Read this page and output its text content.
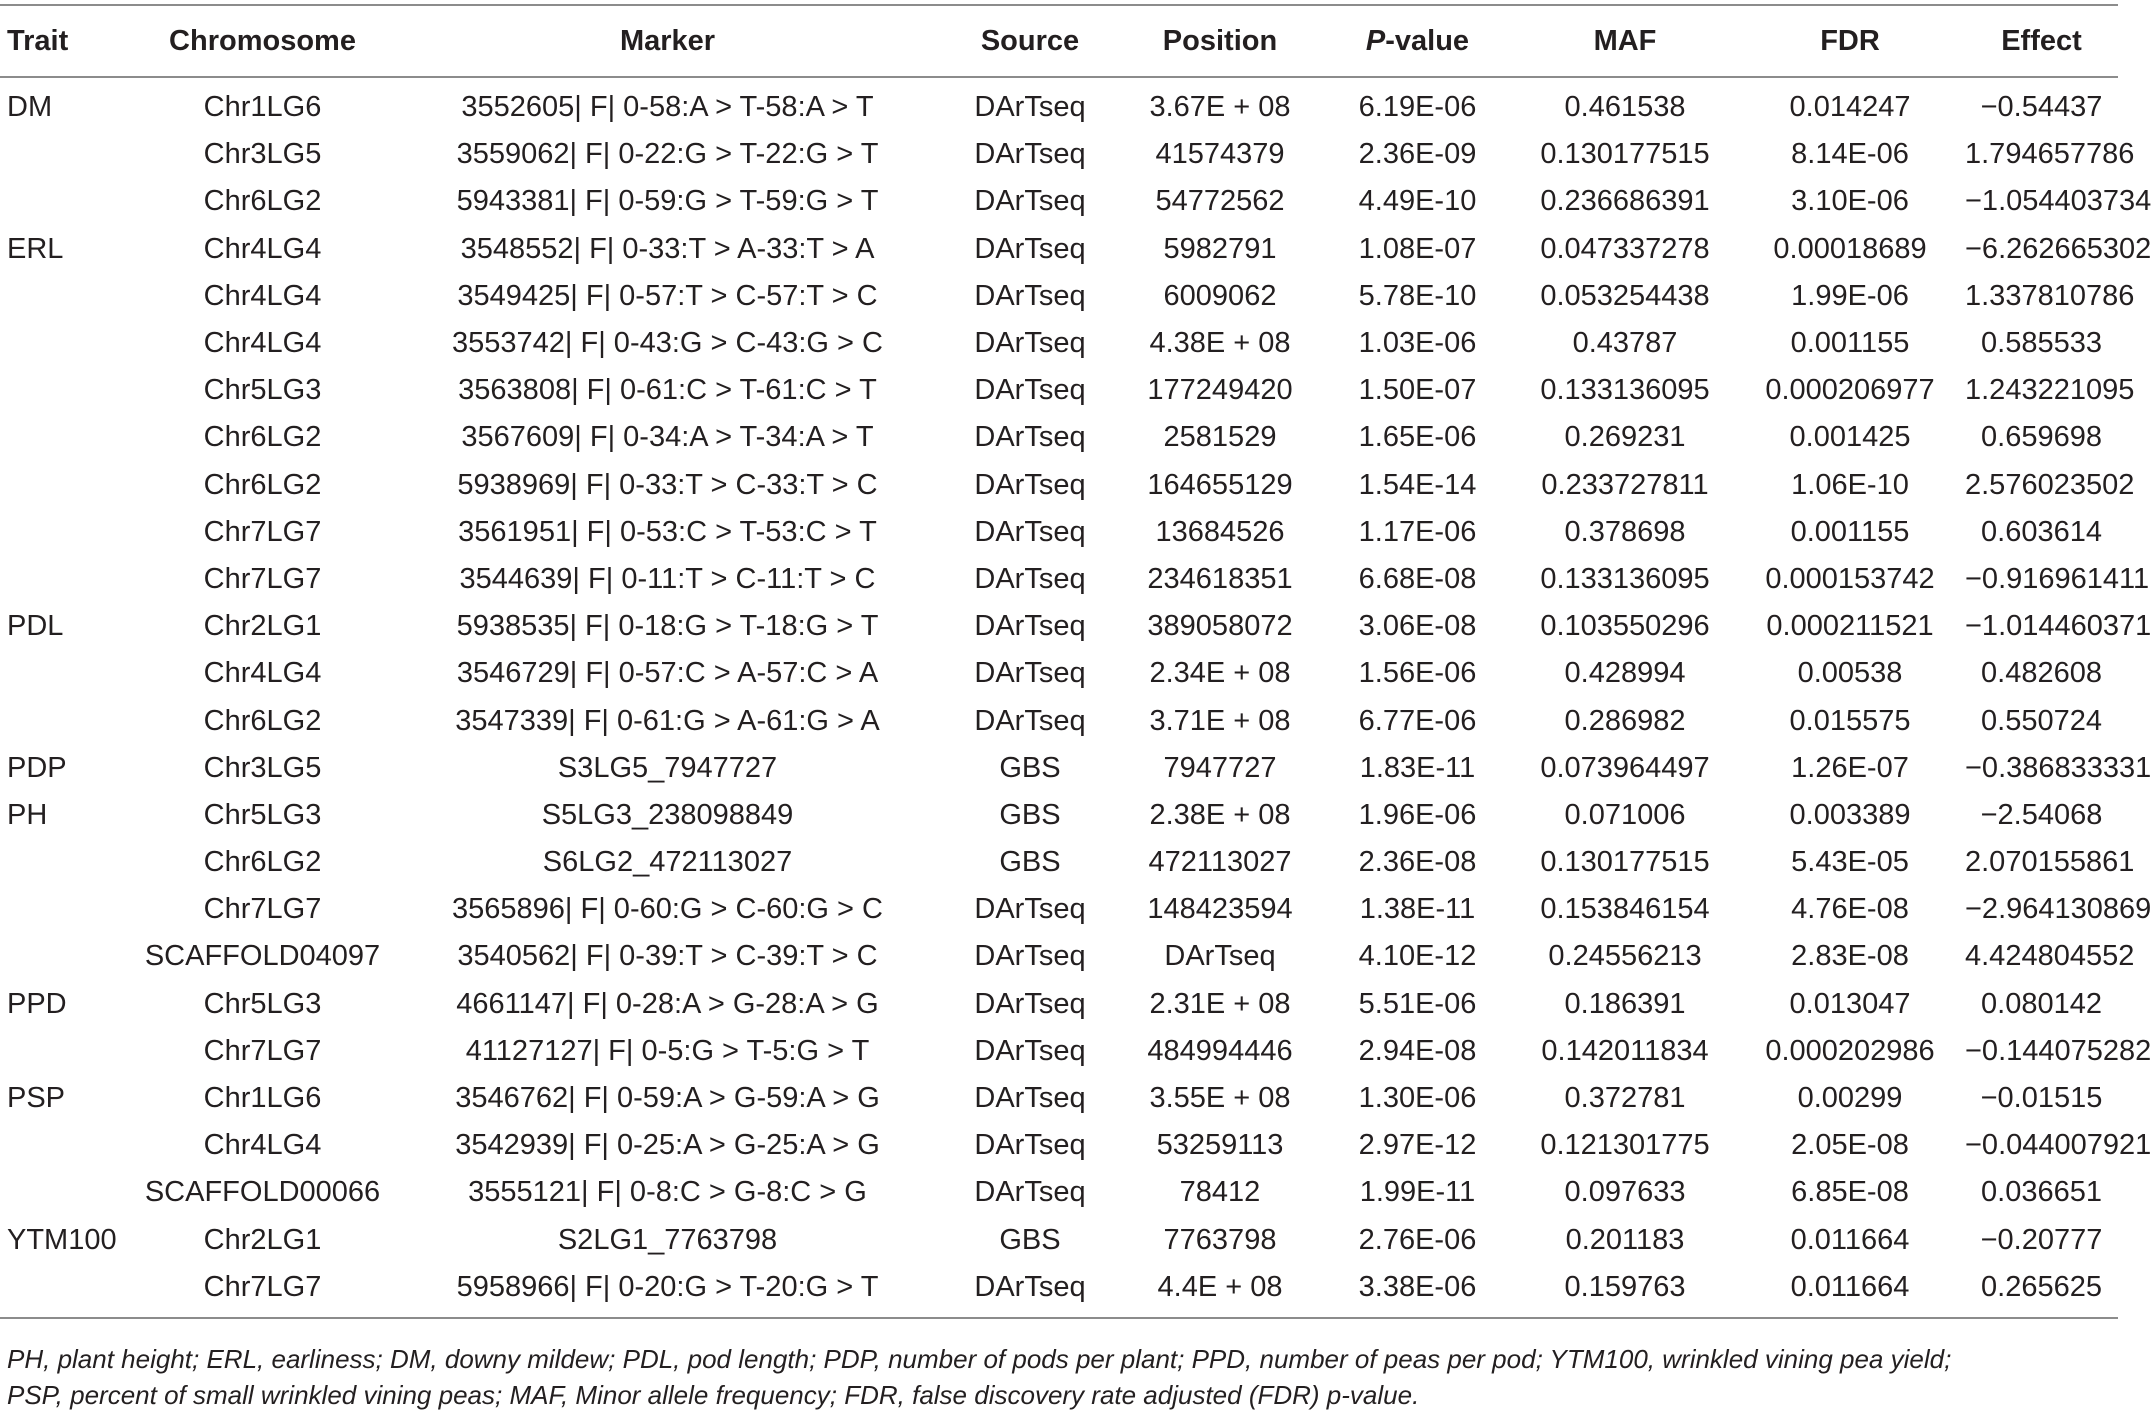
Trait	Chromosome	Marker	Source	Position	P-value	MAF	FDR	Effect
DM	Chr1LG6	3552605| F| 0-58:A > T-58:A > T	DArTseq	3.67E + 08	6.19E-06	0.461538	0.014247	−0.54437
	Chr3LG5	3559062| F| 0-22:G > T-22:G > T	DArTseq	41574379	2.36E-09	0.130177515	8.14E-06	1.794657786
	Chr6LG2	5943381| F| 0-59:G > T-59:G > T	DArTseq	54772562	4.49E-10	0.236686391	3.10E-06	−1.054403734
ERL	Chr4LG4	3548552| F| 0-33:T > A-33:T > A	DArTseq	5982791	1.08E-07	0.047337278	0.00018689	−6.262665302
	Chr4LG4	3549425| F| 0-57:T > C-57:T > C	DArTseq	6009062	5.78E-10	0.053254438	1.99E-06	1.337810786
	Chr4LG4	3553742| F| 0-43:G > C-43:G > C	DArTseq	4.38E + 08	1.03E-06	0.43787	0.001155	0.585533
	Chr5LG3	3563808| F| 0-61:C > T-61:C > T	DArTseq	177249420	1.50E-07	0.133136095	0.000206977	1.243221095
	Chr6LG2	3567609| F| 0-34:A > T-34:A > T	DArTseq	2581529	1.65E-06	0.269231	0.001425	0.659698
	Chr6LG2	5938969| F| 0-33:T > C-33:T > C	DArTseq	164655129	1.54E-14	0.233727811	1.06E-10	2.576023502
	Chr7LG7	3561951| F| 0-53:C > T-53:C > T	DArTseq	13684526	1.17E-06	0.378698	0.001155	0.603614
	Chr7LG7	3544639| F| 0-11:T > C-11:T > C	DArTseq	234618351	6.68E-08	0.133136095	0.000153742	−0.916961411
PDL	Chr2LG1	5938535| F| 0-18:G > T-18:G > T	DArTseq	389058072	3.06E-08	0.103550296	0.000211521	−1.014460371
	Chr4LG4	3546729| F| 0-57:C > A-57:C > A	DArTseq	2.34E + 08	1.56E-06	0.428994	0.00538	0.482608
	Chr6LG2	3547339| F| 0-61:G > A-61:G > A	DArTseq	3.71E + 08	6.77E-06	0.286982	0.015575	0.550724
PDP	Chr3LG5	S3LG5_7947727	GBS	7947727	1.83E-11	0.073964497	1.26E-07	−0.386833331
PH	Chr5LG3	S5LG3_238098849	GBS	2.38E + 08	1.96E-06	0.071006	0.003389	−2.54068
	Chr6LG2	S6LG2_472113027	GBS	472113027	2.36E-08	0.130177515	5.43E-05	2.070155861
	Chr7LG7	3565896| F| 0-60:G > C-60:G > C	DArTseq	148423594	1.38E-11	0.153846154	4.76E-08	−2.964130869
	SCAFFOLD04097	3540562| F| 0-39:T > C-39:T > C	DArTseq	DArTseq	4.10E-12	0.24556213	2.83E-08	4.424804552
PPD	Chr5LG3	4661147| F| 0-28:A > G-28:A > G	DArTseq	2.31E + 08	5.51E-06	0.186391	0.013047	0.080142
	Chr7LG7	41127127| F| 0-5:G > T-5:G > T	DArTseq	484994446	2.94E-08	0.142011834	0.000202986	−0.144075282
PSP	Chr1LG6	3546762| F| 0-59:A > G-59:A > G	DArTseq	3.55E + 08	1.30E-06	0.372781	0.00299	−0.01515
	Chr4LG4	3542939| F| 0-25:A > G-25:A > G	DArTseq	53259113	2.97E-12	0.121301775	2.05E-08	−0.044007921
	SCAFFOLD00066	3555121| F| 0-8:C > G-8:C > G	DArTseq	78412	1.99E-11	0.097633	6.85E-08	0.036651
YTM100	Chr2LG1	S2LG1_7763798	GBS	7763798	2.76E-06	0.201183	0.011664	−0.20777
	Chr7LG7	5958966| F| 0-20:G > T-20:G > T	DArTseq	4.4E + 08	3.38E-06	0.159763	0.011664	0.265625
PH, plant height; ERL, earliness; DM, downy mildew; PDL, pod length; PDP, number of pods per plant; PPD, number of peas per pod; YTM100, wrinkled vining pea yield;
PSP, percent of small wrinkled vining peas; MAF, Minor allele frequency; FDR, false discovery rate adjusted (FDR) p-value.
